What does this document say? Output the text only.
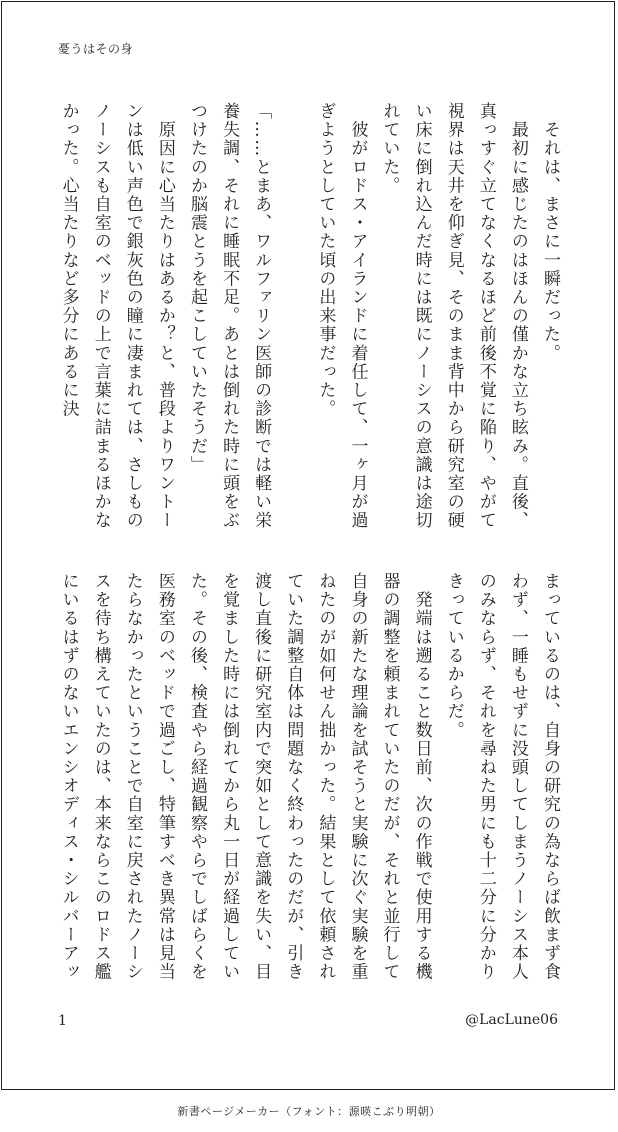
憂うはその身

　それは、まさに一瞬だった。

　最初に感じたのはほんの僅かな立ち眩み。直後、真っすぐ立てなくなるほど前後不覚に陥り、やがて視界は天井を仰ぎ見、そのまま背中から研究室の硬い床に倒れ込んだ時には既にノーシスの意識は途切れていた。

　彼がロドス・アイランドに着任して、一ヶ月が過ぎようとしていた頃の出来事だった。

「……とまあ、ワルファリン医師の診断では軽い栄養失調、それに睡眠不足。あとは倒れた時に頭をぶつけたのか脳震とうを起こしていたそうだ」

　原因に心当たりはあるか？と、普段よりワントーンは低い声色で銀灰色の瞳に凄まれては、さしものノーシスも自室のベッドの上で言葉に詰まるほかなかった。心当たりなど多分にあるに決

まっているのは、自身の研究の為ならば飲まず食わず、一睡もせずに没頭してしまうノーシス本人のみならず、それを尋ねた男にも十二分に分かりきっているからだ。

　発端は遡ること数日前、次の作戦で使用する機器の調整を頼まれていたのだが、それと並行して自身の新たな理論を試そうと実験に次ぐ実験を重ねたのが如何せん拙かった。結果として依頼されていた調整自体は問題なく終わったのだが、引き渡し直後に研究室内で突如として意識を失い、目を覚ました時には倒れてから丸一日が経過していた。その後、検査やら経過観察やらでしばらくを医務室のベッドで過ごし、特筆すべき異常は見当たらなかったということで自室に戻されたノーシスを待ち構えていたのは、本来ならこのロドス艦にいるはずのないエンシオディス・シルバーアッ

1	@LacLune06
新書ページメーカー（フォント：源暎こぶり明朝）
